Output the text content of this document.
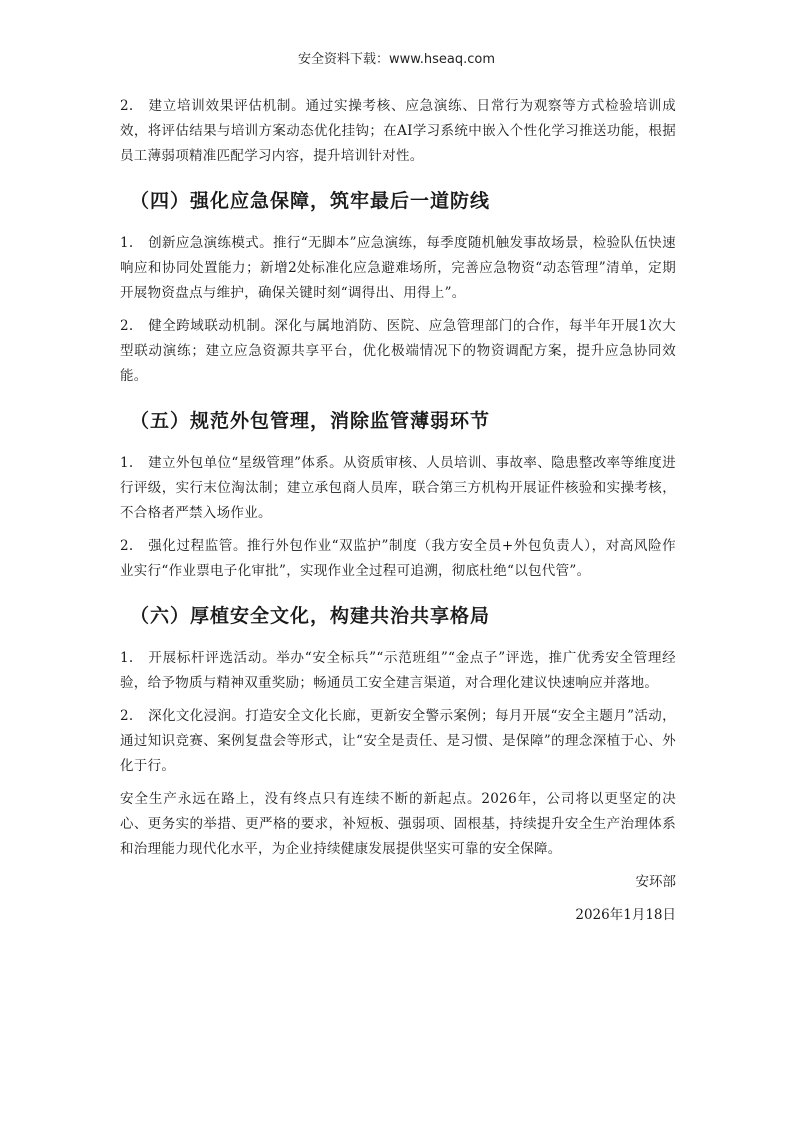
安全资料下载：www.hseaq.com

2. 建立培训效果评估机制。通过实操考核、应急演练、日常行为观察等方式检验培训成效，将评估结果与培训方案动态优化挂钩；在AI学习系统中嵌入个性化学习推送功能，根据员工薄弱项精准匹配学习内容，提升培训针对性。

（四）强化应急保障，筑牢最后一道防线

1. 创新应急演练模式。推行“无脚本”应急演练，每季度随机触发事故场景，检验队伍快速响应和协同处置能力；新增2处标准化应急避难场所，完善应急物资“动态管理”清单，定期开展物资盘点与维护，确保关键时刻“调得出、用得上”。

2. 健全跨域联动机制。深化与属地消防、医院、应急管理部门的合作，每半年开展1次大型联动演练；建立应急资源共享平台，优化极端情况下的物资调配方案，提升应急协同效能。

（五）规范外包管理，消除监管薄弱环节

1. 建立外包单位“星级管理”体系。从资质审核、人员培训、事故率、隐患整改率等维度进行评级，实行末位淘汰制；建立承包商人员库，联合第三方机构开展证件核验和实操考核，不合格者严禁入场作业。

2. 强化过程监管。推行外包作业“双监护”制度（我方安全员+外包负责人），对高风险作业实行“作业票电子化审批”，实现作业全过程可追溯，彻底杜绝“以包代管”。

（六）厚植安全文化，构建共治共享格局

1. 开展标杆评选活动。举办“安全标兵”“示范班组”“金点子”评选，推广优秀安全管理经验，给予物质与精神双重奖励；畅通员工安全建言渠道，对合理化建议快速响应并落地。

2. 深化文化浸润。打造安全文化长廊，更新安全警示案例；每月开展“安全主题月”活动，通过知识竞赛、案例复盘会等形式，让“安全是责任、是习惯、是保障”的理念深植于心、外化于行。

安全生产永远在路上，没有终点只有连续不断的新起点。2026年，公司将以更坚定的决心、更务实的举措、更严格的要求，补短板、强弱项、固根基，持续提升安全生产治理体系和治理能力现代化水平，为企业持续健康发展提供坚实可靠的安全保障。

安环部
2026年1月18日
